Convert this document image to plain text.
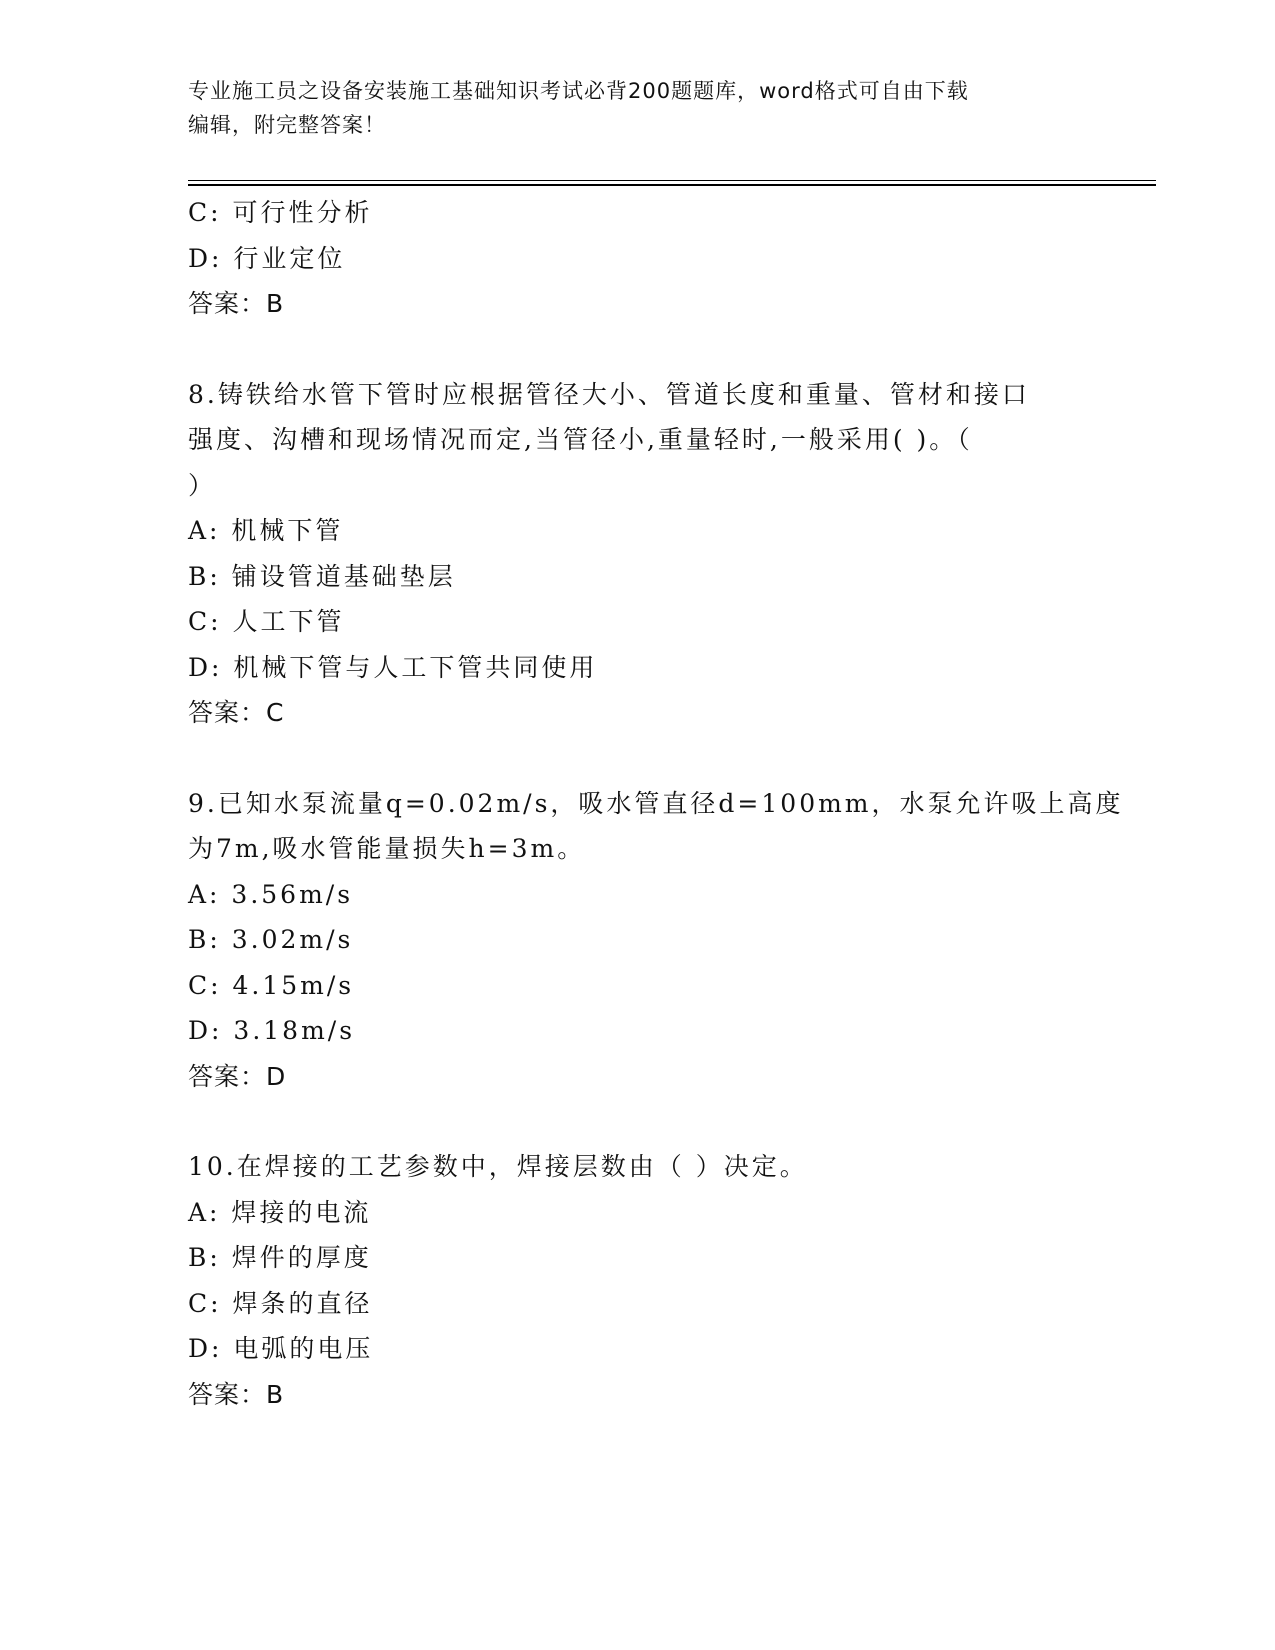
专业施工员之设备安装施工基础知识考试必背200题题库，word格式可自由下载
编辑，附完整答案！
C: 可行性分析
D: 行业定位
答案：B
8.铸铁给水管下管时应根据管径大小、管道长度和重量、管材和接口
强度、沟槽和现场情况而定,当管径小,重量轻时,一般采用( )。（
）
A: 机械下管
B: 铺设管道基础垫层
C: 人工下管
D: 机械下管与人工下管共同使用
答案：C
9.已知水泵流量q=0.02m/s，吸水管直径d=100mm，水泵允许吸上高度
为7m,吸水管能量损失h=3m。
A: 3.56m/s
B: 3.02m/s
C: 4.15m/s
D: 3.18m/s
答案：D
10.在焊接的工艺参数中，焊接层数由（ ）决定。
A: 焊接的电流
B: 焊件的厚度
C: 焊条的直径
D: 电弧的电压
答案：B
